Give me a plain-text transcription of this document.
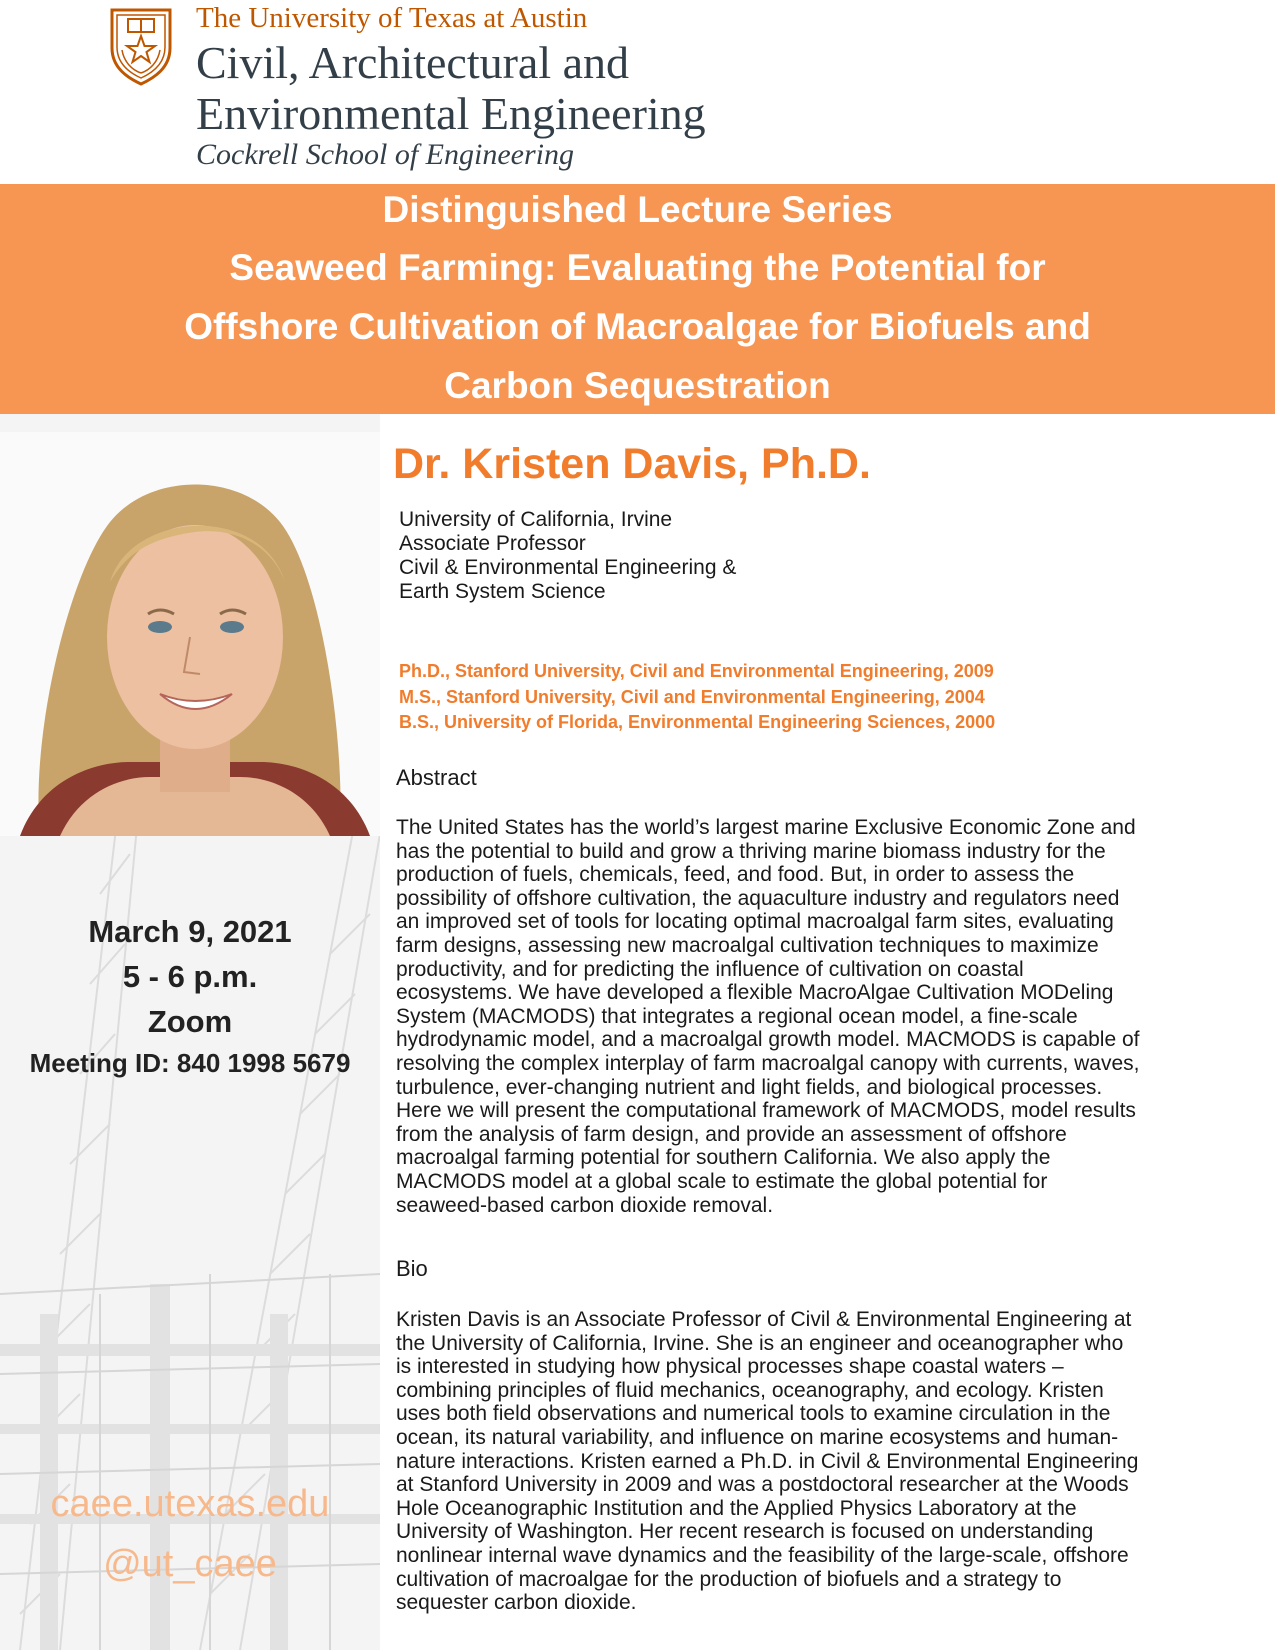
The University of Texas at Austin
Civil, Architectural and
Environmental Engineering
Cockrell School of Engineering
Distinguished Lecture Series
Seaweed Farming: Evaluating the Potential for
Offshore Cultivation of Macroalgae for Biofuels and
Carbon Sequestration
March 9, 2021
5 - 6 p.m.
Zoom
Meeting ID: 840 1998 5679
caee.utexas.edu
@ut_caee
Dr. Kristen Davis, Ph.D.
University of California, Irvine
Associate Professor
Civil & Environmental Engineering &
Earth System Science
Ph.D., Stanford University, Civil and Environmental Engineering, 2009
M.S., Stanford University, Civil and Environmental Engineering, 2004
B.S., University of Florida, Environmental Engineering Sciences, 2000
Abstract
The United States has the world’s largest marine Exclusive Economic Zone and
has the potential to build and grow a thriving marine biomass industry for the
production of fuels, chemicals, feed, and food. But, in order to assess the
possibility of offshore cultivation, the aquaculture industry and regulators need
an improved set of tools for locating optimal macroalgal farm sites, evaluating
farm designs, assessing new macroalgal cultivation techniques to maximize
productivity, and for predicting the influence of cultivation on coastal
ecosystems. We have developed a flexible MacroAlgae Cultivation MODeling
System (MACMODS) that integrates a regional ocean model, a fine-scale
hydrodynamic model, and a macroalgal growth model. MACMODS is capable of
resolving the complex interplay of farm macroalgal canopy with currents, waves,
turbulence, ever-changing nutrient and light fields, and biological processes.
Here we will present the computational framework of MACMODS, model results
from the analysis of farm design, and provide an assessment of offshore
macroalgal farming potential for southern California. We also apply the
MACMODS model at a global scale to estimate the global potential for
seaweed-based carbon dioxide removal.
Bio
Kristen Davis is an Associate Professor of Civil & Environmental Engineering at
the University of California, Irvine. She is an engineer and oceanographer who
is interested in studying how physical processes shape coastal waters –
combining principles of fluid mechanics, oceanography, and ecology. Kristen
uses both field observations and numerical tools to examine circulation in the
ocean, its natural variability, and influence on marine ecosystems and human-
nature interactions. Kristen earned a Ph.D. in Civil & Environmental Engineering
at Stanford University in 2009 and was a postdoctoral researcher at the Woods
Hole Oceanographic Institution and the Applied Physics Laboratory at the
University of Washington. Her recent research is focused on understanding
nonlinear internal wave dynamics and the feasibility of the large-scale, offshore
cultivation of macroalgae for the production of biofuels and a strategy to
sequester carbon dioxide.
